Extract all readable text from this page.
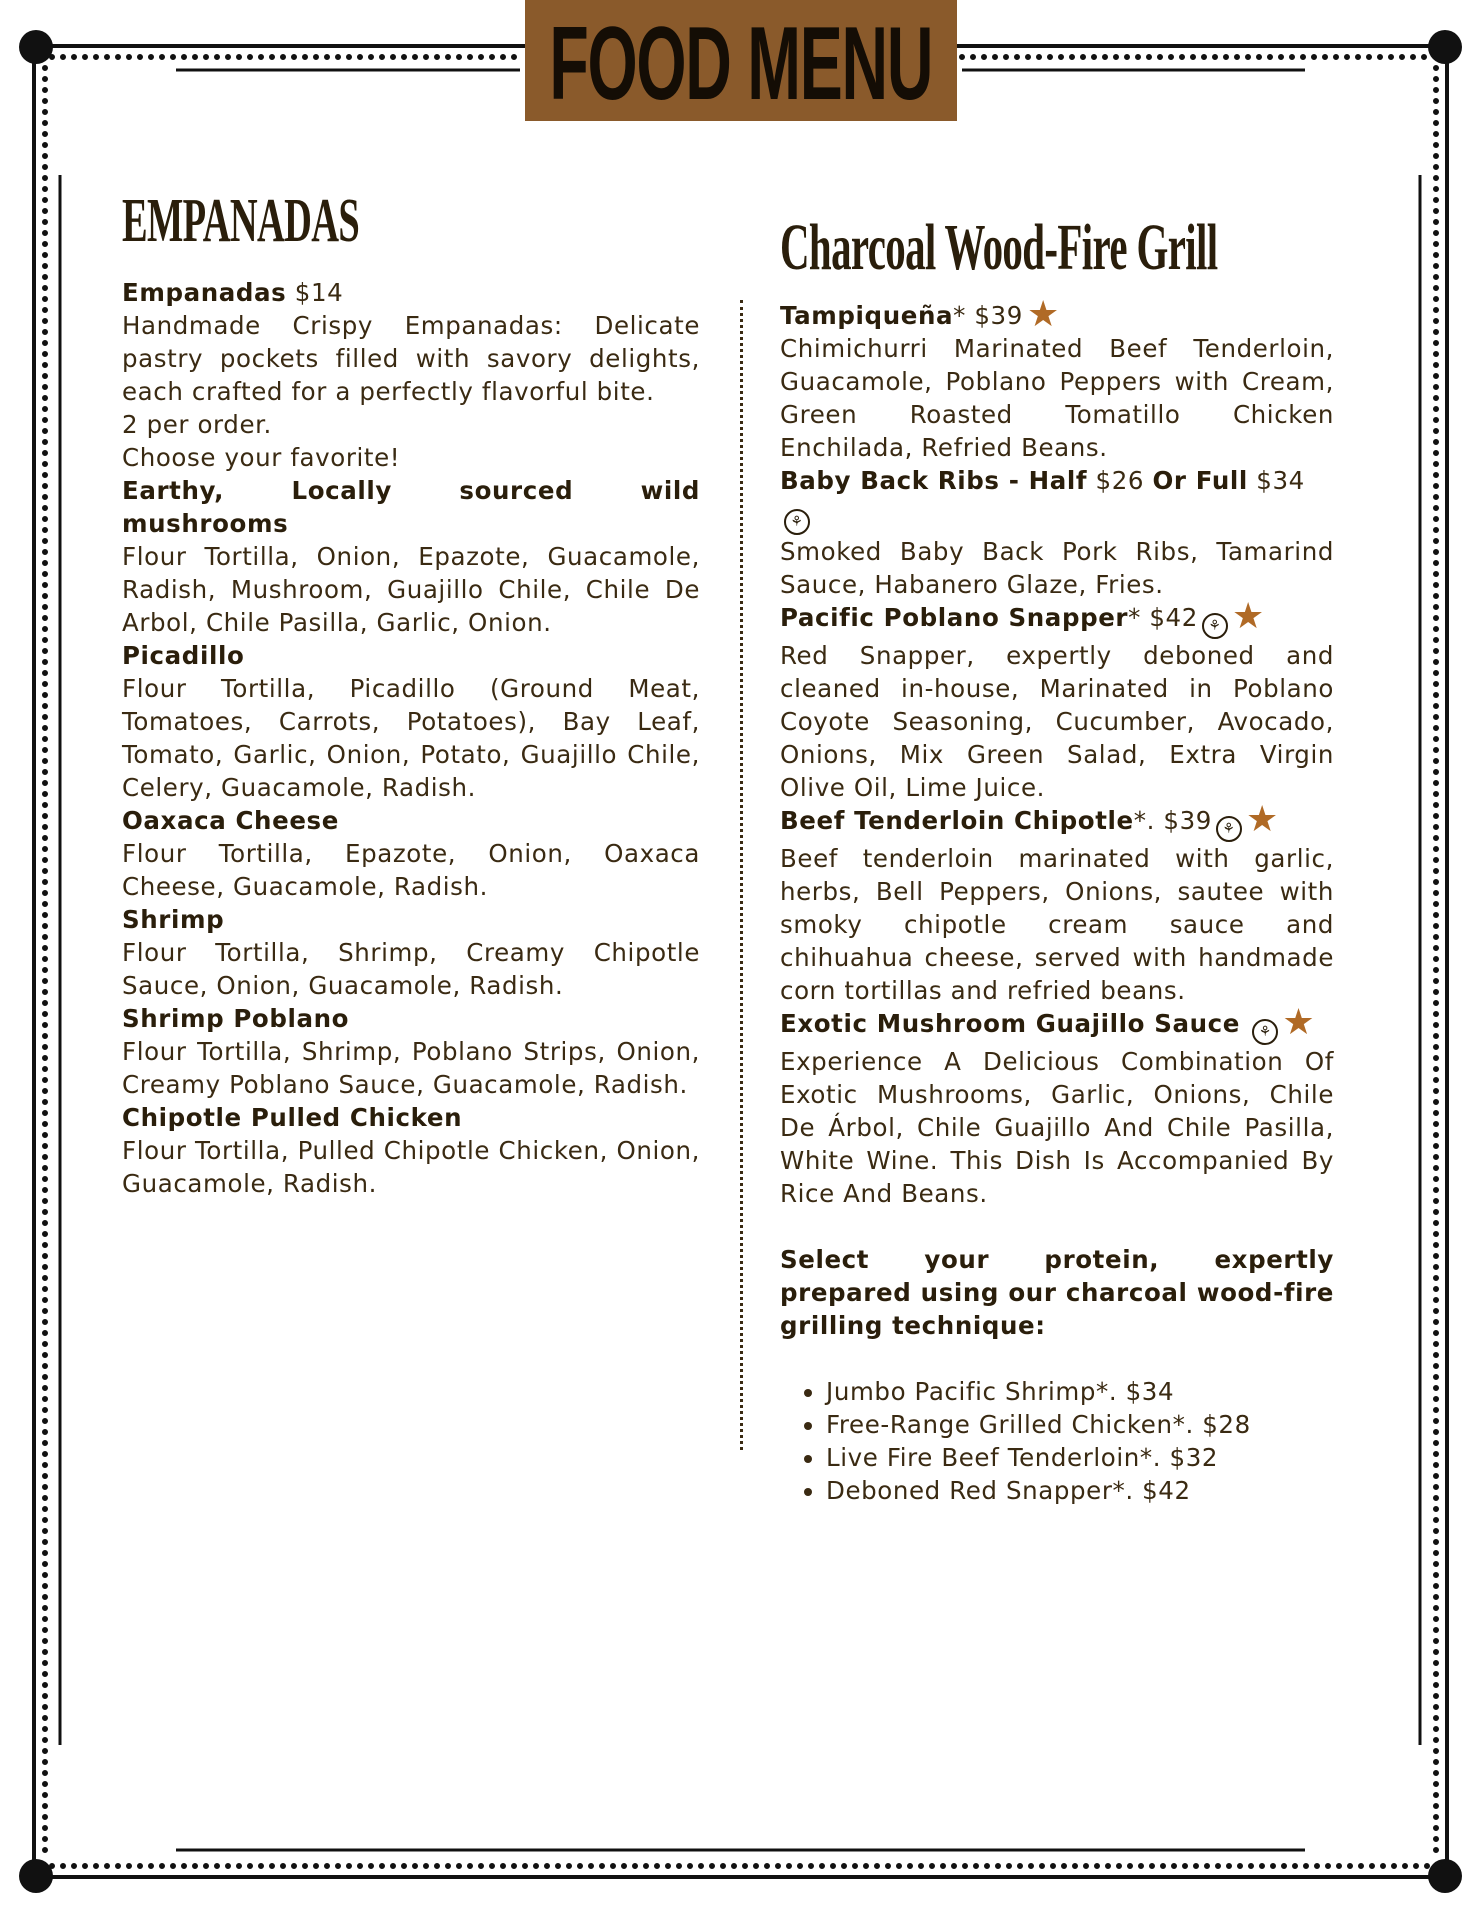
FOOD MENU
EMPANADAS
Empanadas $14
Handmade Crispy Empanadas: Delicate pastry pockets filled with savory delights, each crafted for a perfectly flavorful bite.
2 per order.
Choose your favorite!
Earthy, Locally sourced wild mushrooms
Flour Tortilla, Onion, Epazote, Guacamole, Radish, Mushroom, Guajillo Chile, Chile De Arbol, Chile Pasilla, Garlic, Onion.
Picadillo
Flour Tortilla, Picadillo (Ground Meat, Tomatoes, Carrots, Potatoes), Bay Leaf, Tomato, Garlic, Onion, Potato, Guajillo Chile, Celery, Guacamole, Radish.
Oaxaca Cheese
Flour Tortilla, Epazote, Onion, Oaxaca Cheese, Guacamole, Radish.
Shrimp
Flour Tortilla, Shrimp, Creamy Chipotle Sauce, Onion, Guacamole, Radish.
Shrimp Poblano
Flour Tortilla, Shrimp, Poblano Strips, Onion, Creamy Poblano Sauce, Guacamole, Radish.
Chipotle Pulled Chicken
Flour Tortilla, Pulled Chipotle Chicken, Onion, Guacamole, Radish.
Charcoal Wood-Fire Grill
Tampiqueña* $39 ★
Chimichurri Marinated Beef Tenderloin, Guacamole, Poblano Peppers with Cream, Green Roasted Tomatillo Chicken Enchilada, Refried Beans.
Baby Back Ribs - Half $26 Or Full $34 ⚘
Smoked Baby Back Pork Ribs, Tamarind Sauce, Habanero Glaze, Fries.
Pacific Poblano Snapper* $42 ⚘ ★
Red Snapper, expertly deboned and cleaned in-house, Marinated in Poblano Coyote Seasoning, Cucumber, Avocado, Onions, Mix Green Salad, Extra Virgin Olive Oil, Lime Juice.
Beef Tenderloin Chipotle*. $39 ⚘ ★
Beef tenderloin marinated with garlic, herbs, Bell Peppers, Onions, sautee with smoky chipotle cream sauce and chihuahua cheese, served with handmade corn tortillas and refried beans.
Exotic Mushroom Guajillo Sauce ⚘ ★
Experience A Delicious Combination Of Exotic Mushrooms, Garlic, Onions, Chile De Árbol, Chile Guajillo And Chile Pasilla, White Wine. This Dish Is Accompanied By Rice And Beans.
Select your protein, expertly prepared using our charcoal wood-fire grilling technique:
• Jumbo Pacific Shrimp*. $34
• Free-Range Grilled Chicken*. $28
• Live Fire Beef Tenderloin*. $32
• Deboned Red Snapper*. $42
